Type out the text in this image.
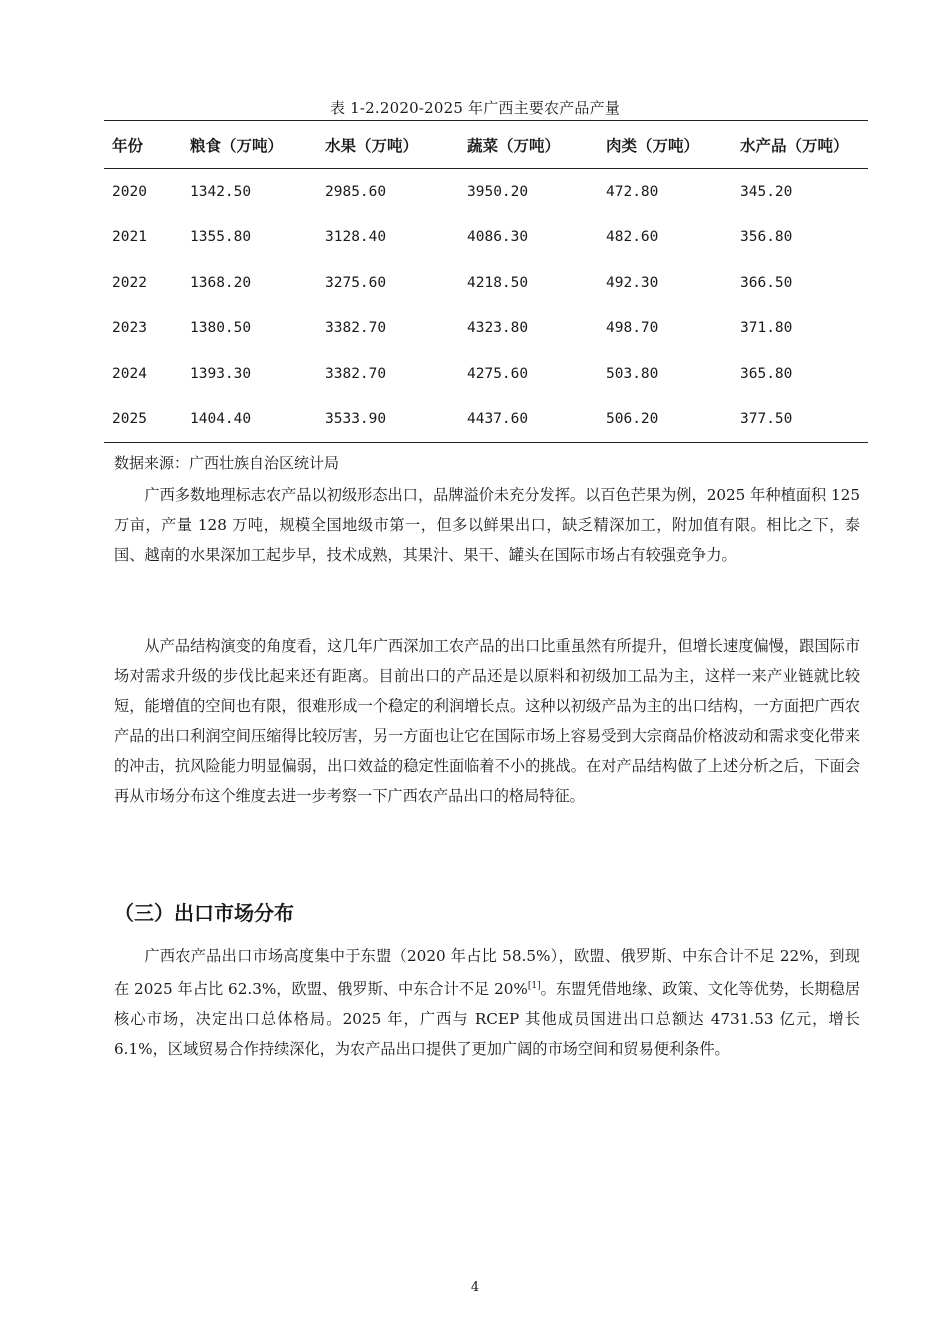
表 1-2.2020-2025 年广西主要农产品产量
年份	粮食（万吨）	水果（万吨）	蔬菜（万吨）	肉类（万吨）	水产品（万吨）
2020	1342.50	2985.60	3950.20	472.80	345.20
2021	1355.80	3128.40	4086.30	482.60	356.80
2022	1368.20	3275.60	4218.50	492.30	366.50
2023	1380.50	3382.70	4323.80	498.70	371.80
2024	1393.30	3382.70	4275.60	503.80	365.80
2025	1404.40	3533.90	4437.60	506.20	377.50
数据来源：广西壮族自治区统计局

广西多数地理标志农产品以初级形态出口，品牌溢价未充分发挥。以百色芒果为例，2025 年种植面积 125 万亩，产量 128 万吨，规模全国地级市第一，但多以鲜果出口，缺乏精深加工，附加值有限。相比之下，泰国、越南的水果深加工起步早，技术成熟，其果汁、果干、罐头在国际市场占有较强竞争力。

从产品结构演变的角度看，这几年广西深加工农产品的出口比重虽然有所提升，但增长速度偏慢，跟国际市场对需求升级的步伐比起来还有距离。目前出口的产品还是以原料和初级加工品为主，这样一来产业链就比较短，能增值的空间也有限，很难形成一个稳定的利润增长点。这种以初级产品为主的出口结构，一方面把广西农产品的出口利润空间压缩得比较厉害，另一方面也让它在国际市场上容易受到大宗商品价格波动和需求变化带来的冲击，抗风险能力明显偏弱，出口效益的稳定性面临着不小的挑战。在对产品结构做了上述分析之后，下面会再从市场分布这个维度去进一步考察一下广西农产品出口的格局特征。

（三）出口市场分布

广西农产品出口市场高度集中于东盟（2020 年占比 58.5%），欧盟、俄罗斯、中东合计不足 22%，到现在 2025 年占比 62.3%，欧盟、俄罗斯、中东合计不足 20%[1]。东盟凭借地缘、政策、文化等优势，长期稳居核心市场，决定出口总体格局。2025 年，广西与 RCEP 其他成员国进出口总额达 4731.53 亿元，增长 6.1%，区域贸易合作持续深化，为农产品出口提供了更加广阔的市场空间和贸易便利条件。

4
